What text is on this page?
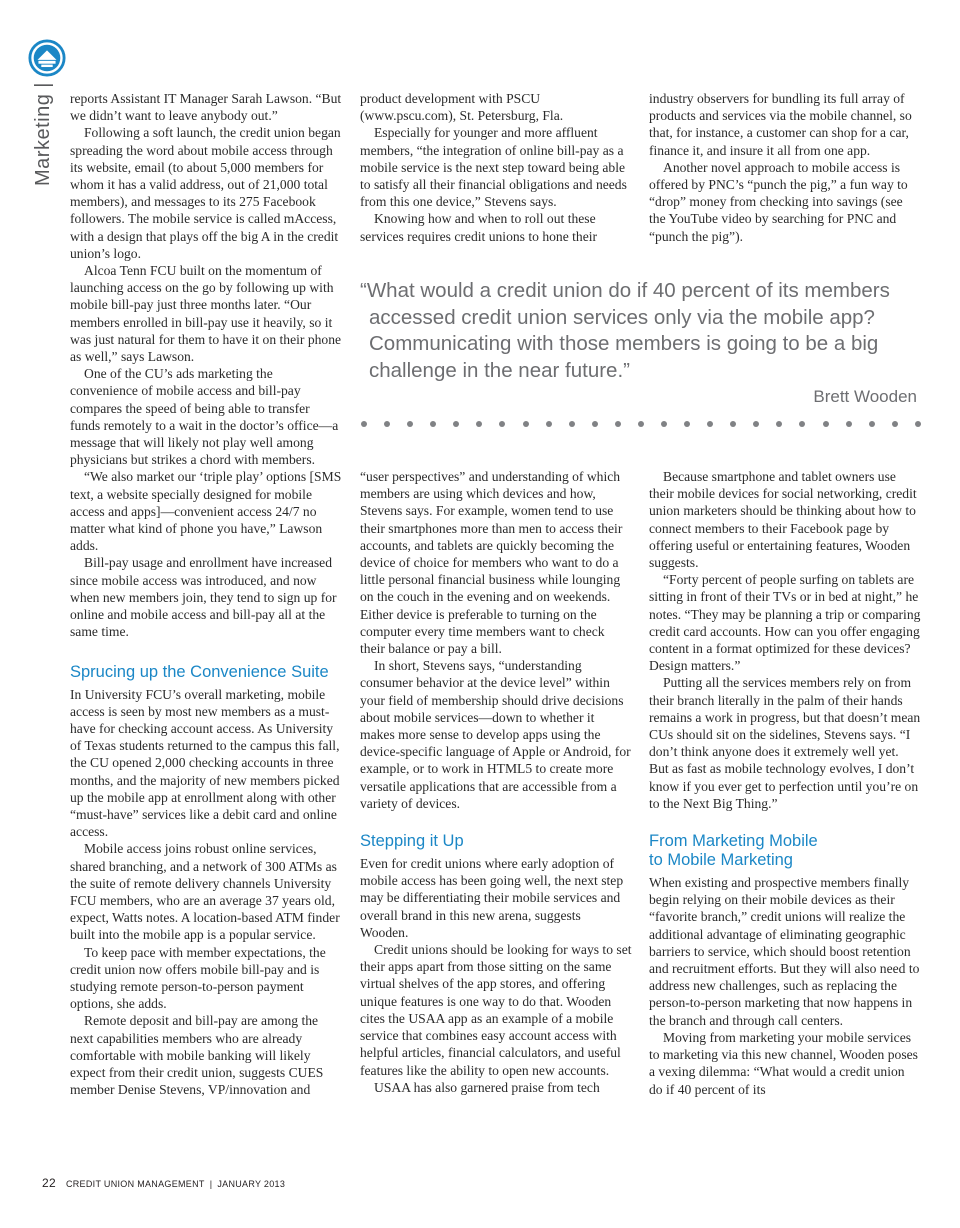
Marketing|

reports Assistant IT Manager Sarah Lawson. “But we didn’t want to leave anybody out.”

Following a soft launch, the credit union began spreading the word about mobile access through its website, email (to about 5,000 members for whom it has a valid address, out of 21,000 total members), and messages to its 275 Facebook followers. The mobile service is called mAccess, with a design that plays off the big A in the credit union’s logo.

Alcoa Tenn FCU built on the momentum of launching access on the go by following up with mobile bill-pay just three months later. “Our members enrolled in bill-pay use it heavily, so it was just natural for them to have it on their phone as well,” says Lawson.

One of the CU’s ads marketing the convenience of mobile access and bill-pay compares the speed of being able to transfer funds remotely to a wait in the doctor’s office—a message that will likely not play well among physicians but strikes a chord with members.

“We also market our ‘triple play’ options [SMS text, a website specially designed for mobile access and apps]—convenient access 24/7 no matter what kind of phone you have,” Lawson adds.

Bill-pay usage and enrollment have increased since mobile access was introduced, and now when new members join, they tend to sign up for online and mobile access and bill-pay all at the same time.

Sprucing up the Convenience Suite

In University FCU’s overall marketing, mobile access is seen by most new members as a must-have for checking account access. As University of Texas students returned to the campus this fall, the CU opened 2,000 checking accounts in three months, and the majority of new members picked up the mobile app at enrollment along with other “must-have” services like a debit card and online access.

Mobile access joins robust online services, shared branching, and a network of 300 ATMs as the suite of remote delivery channels University FCU members, who are an average 37 years old, expect, Watts notes. A location-based ATM finder built into the mobile app is a popular service.

To keep pace with member expectations, the credit union now offers mobile bill-pay and is studying remote person-to-person payment options, she adds.

Remote deposit and bill-pay are among the next capabilities members who are already comfortable with mobile banking will likely expect from their credit union, suggests CUES member Denise Stevens, VP/innovation and

product development with PSCU (www.pscu.com), St. Petersburg, Fla.

Especially for younger and more affluent members, “the integration of online bill-pay as a mobile service is the next step toward being able to satisfy all their financial obligations and needs from this one device,” Stevens says.

Knowing how and when to roll out these services requires credit unions to hone their

industry observers for bundling its full array of products and services via the mobile channel, so that, for instance, a customer can shop for a car, finance it, and insure it all from one app.

Another novel approach to mobile access is offered by PNC’s “punch the pig,” a fun way to “drop” money from checking into savings (see the YouTube video by searching for PNC and “punch the pig”).

“What would a credit union do if 40 percent of its members accessed credit union services only via the mobile app? Communicating with those members is going to be a big challenge in the near future.”
Brett Wooden

“user perspectives” and understanding of which members are using which devices and how, Stevens says. For example, women tend to use their smartphones more than men to access their accounts, and tablets are quickly becoming the device of choice for members who want to do a little personal financial business while lounging on the couch in the evening and on weekends. Either device is preferable to turning on the computer every time members want to check their balance or pay a bill.

In short, Stevens says, “understanding consumer behavior at the device level” within your field of membership should drive decisions about mobile services—down to whether it makes more sense to develop apps using the device-specific language of Apple or Android, for example, or to work in HTML5 to create more versatile applications that are accessible from a variety of devices.

Stepping it Up

Even for credit unions where early adoption of mobile access has been going well, the next step may be differentiating their mobile services and overall brand in this new arena, suggests Wooden.

Credit unions should be looking for ways to set their apps apart from those sitting on the same virtual shelves of the app stores, and offering unique features is one way to do that. Wooden cites the USAA app as an example of a mobile service that combines easy account access with helpful articles, financial calculators, and useful features like the ability to open new accounts.

USAA has also garnered praise from tech

Because smartphone and tablet owners use their mobile devices for social networking, credit union marketers should be thinking about how to connect members to their Facebook page by offering useful or entertaining features, Wooden suggests.

“Forty percent of people surfing on tablets are sitting in front of their TVs or in bed at night,” he notes. “They may be planning a trip or comparing credit card accounts. How can you offer engaging content in a format optimized for these devices? Design matters.”

Putting all the services members rely on from their branch literally in the palm of their hands remains a work in progress, but that doesn’t mean CUs should sit on the sidelines, Stevens says. “I don’t think anyone does it extremely well yet. But as fast as mobile technology evolves, I don’t know if you ever get to perfection until you’re on to the Next Big Thing.”

From Marketing Mobile
to Mobile Marketing

When existing and prospective members finally begin relying on their mobile devices as their “favorite branch,” credit unions will realize the additional advantage of eliminating geographic barriers to service, which should boost retention and recruitment efforts. But they will also need to address new challenges, such as replacing the person-to-person marketing that now happens in the branch and through call centers.

Moving from marketing your mobile services to marketing via this new channel, Wooden poses a vexing dilemma: “What would a credit union do if 40 percent of its

22 CREDIT UNION MANAGEMENT | JANUARY 2013
